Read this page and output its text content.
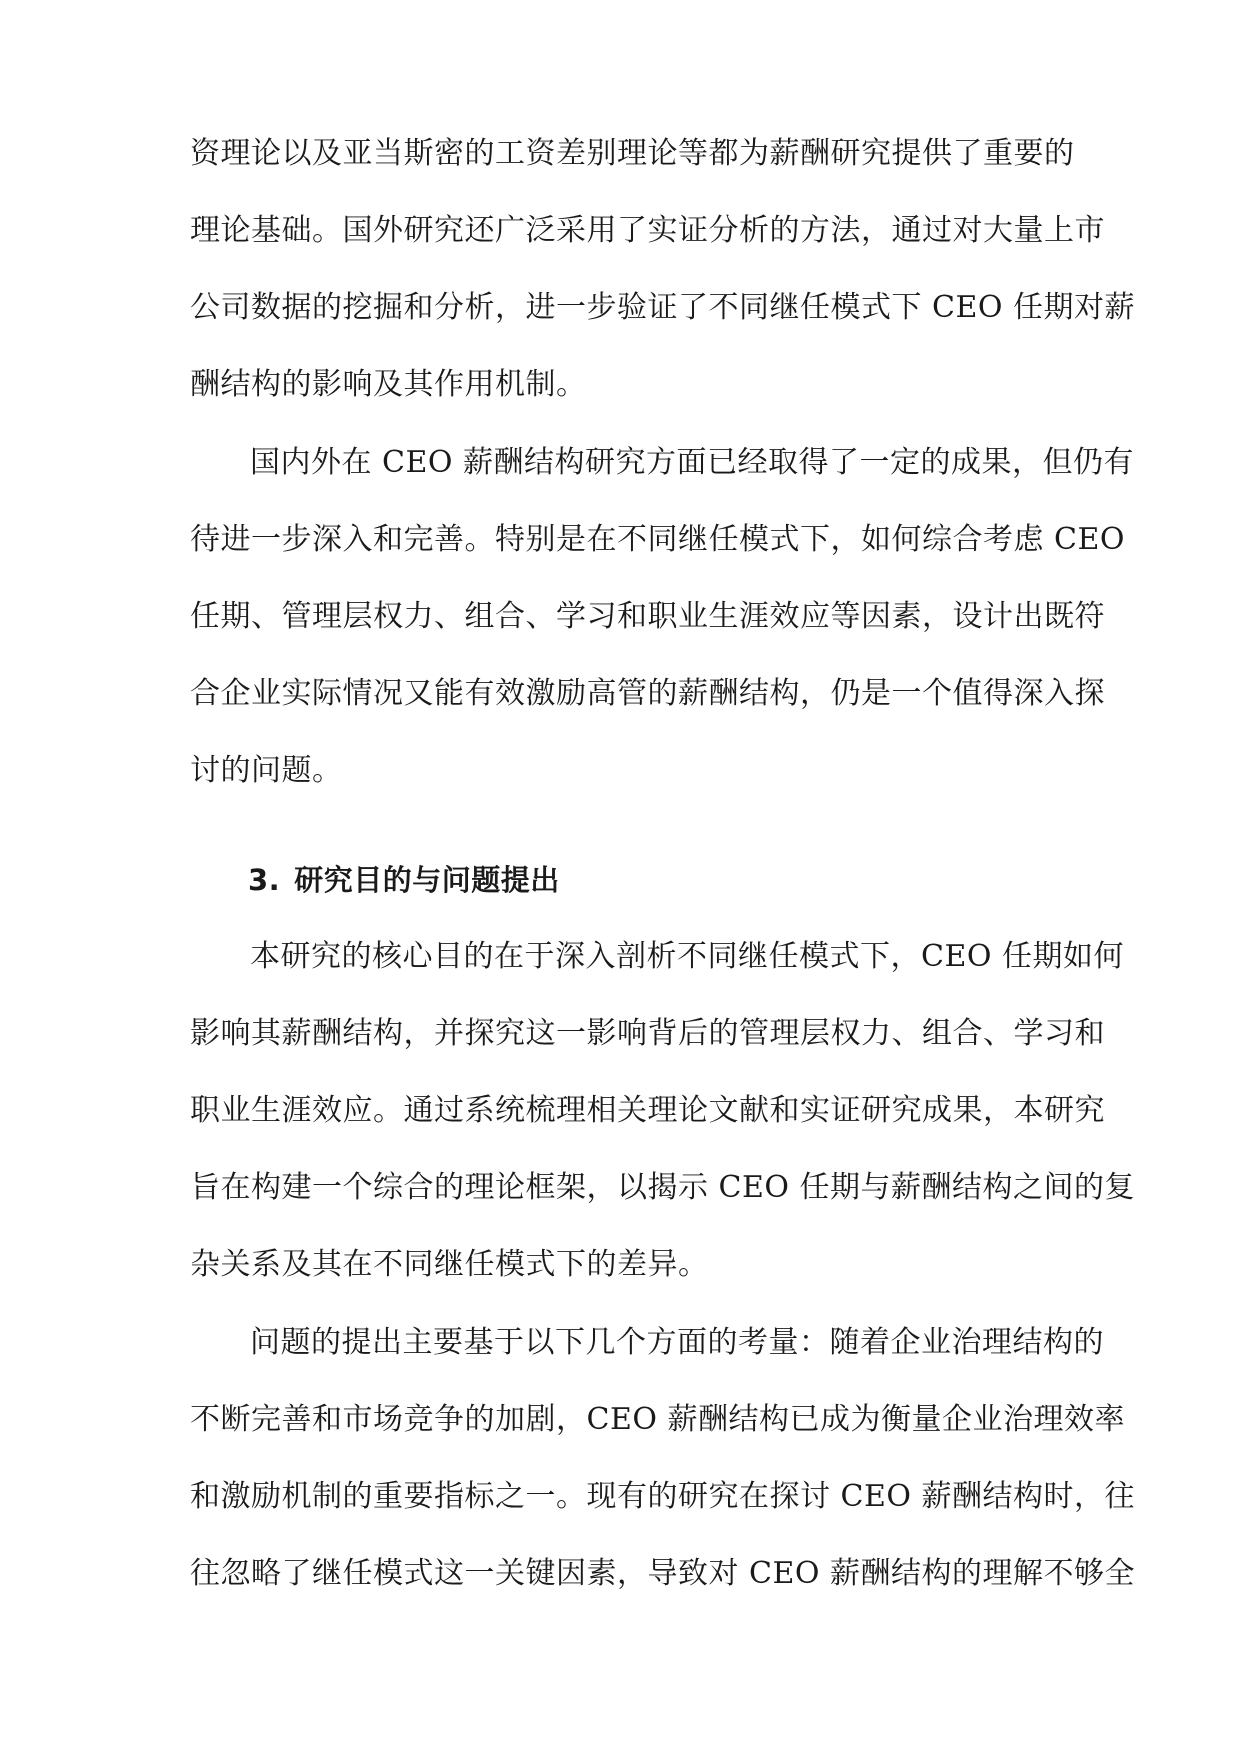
资理论以及亚当斯密的工资差别理论等都为薪酬研究提供了重要的
理论基础。国外研究还广泛采用了实证分析的方法，通过对大量上市
公司数据的挖掘和分析，进一步验证了不同继任模式下 CEO 任期对薪
酬结构的影响及其作用机制。
国内外在 CEO 薪酬结构研究方面已经取得了一定的成果，但仍有
待进一步深入和完善。特别是在不同继任模式下，如何综合考虑 CEO
任期、管理层权力、组合、学习和职业生涯效应等因素，设计出既符
合企业实际情况又能有效激励高管的薪酬结构，仍是一个值得深入探
讨的问题。
3. 研究目的与问题提出
本研究的核心目的在于深入剖析不同继任模式下，CEO 任期如何
影响其薪酬结构，并探究这一影响背后的管理层权力、组合、学习和
职业生涯效应。通过系统梳理相关理论文献和实证研究成果，本研究
旨在构建一个综合的理论框架，以揭示 CEO 任期与薪酬结构之间的复
杂关系及其在不同继任模式下的差异。
问题的提出主要基于以下几个方面的考量：随着企业治理结构的
不断完善和市场竞争的加剧，CEO 薪酬结构已成为衡量企业治理效率
和激励机制的重要指标之一。现有的研究在探讨 CEO 薪酬结构时，往
往忽略了继任模式这一关键因素，导致对 CEO 薪酬结构的理解不够全
